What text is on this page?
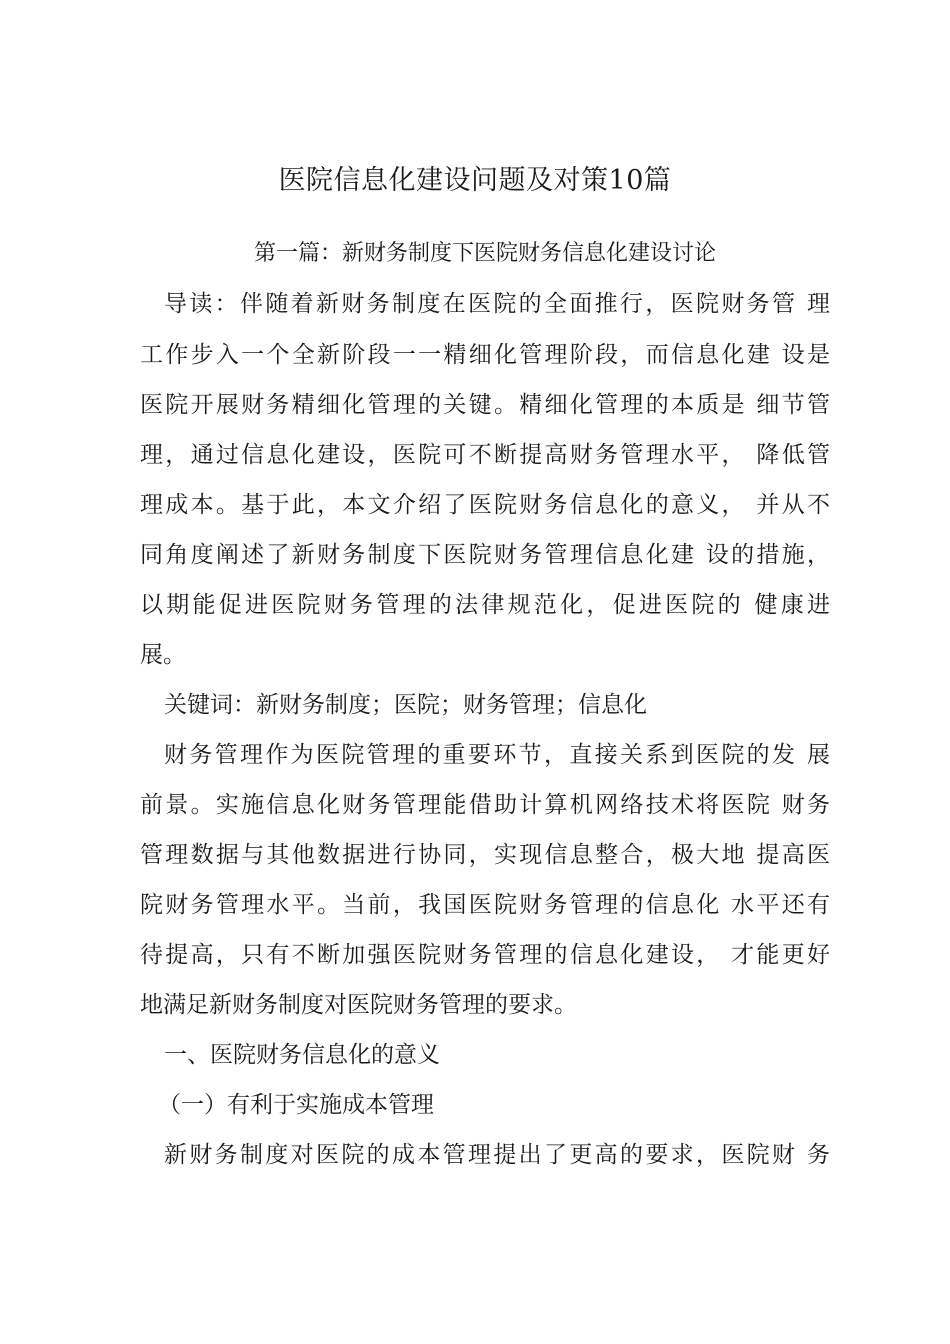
医院信息化建设问题及对策10篇
第一篇：新财务制度下医院财务信息化建设讨论
导读：伴随着新财务制度在医院的全面推行，医院财务管 理
工作步入一个全新阶段一一精细化管理阶段，而信息化建 设是
医院开展财务精细化管理的关键。精细化管理的本质是 细节管
理，通过信息化建设，医院可不断提高财务管理水平， 降低管
理成本。基于此，本文介绍了医院财务信息化的意义， 并从不
同角度阐述了新财务制度下医院财务管理信息化建 设的措施，
以期能促进医院财务管理的法律规范化，促进医院的 健康进
展。
关键词：新财务制度；医院；财务管理；信息化
财务管理作为医院管理的重要环节，直接关系到医院的发 展
前景。实施信息化财务管理能借助计算机网络技术将医院 财务
管理数据与其他数据进行协同，实现信息整合，极大地 提高医
院财务管理水平。当前，我国医院财务管理的信息化 水平还有
待提高，只有不断加强医院财务管理的信息化建设， 才能更好
地满足新财务制度对医院财务管理的要求。
一、医院财务信息化的意义
（一）有利于实施成本管理
新财务制度对医院的成本管理提出了更高的要求，医院财 务
